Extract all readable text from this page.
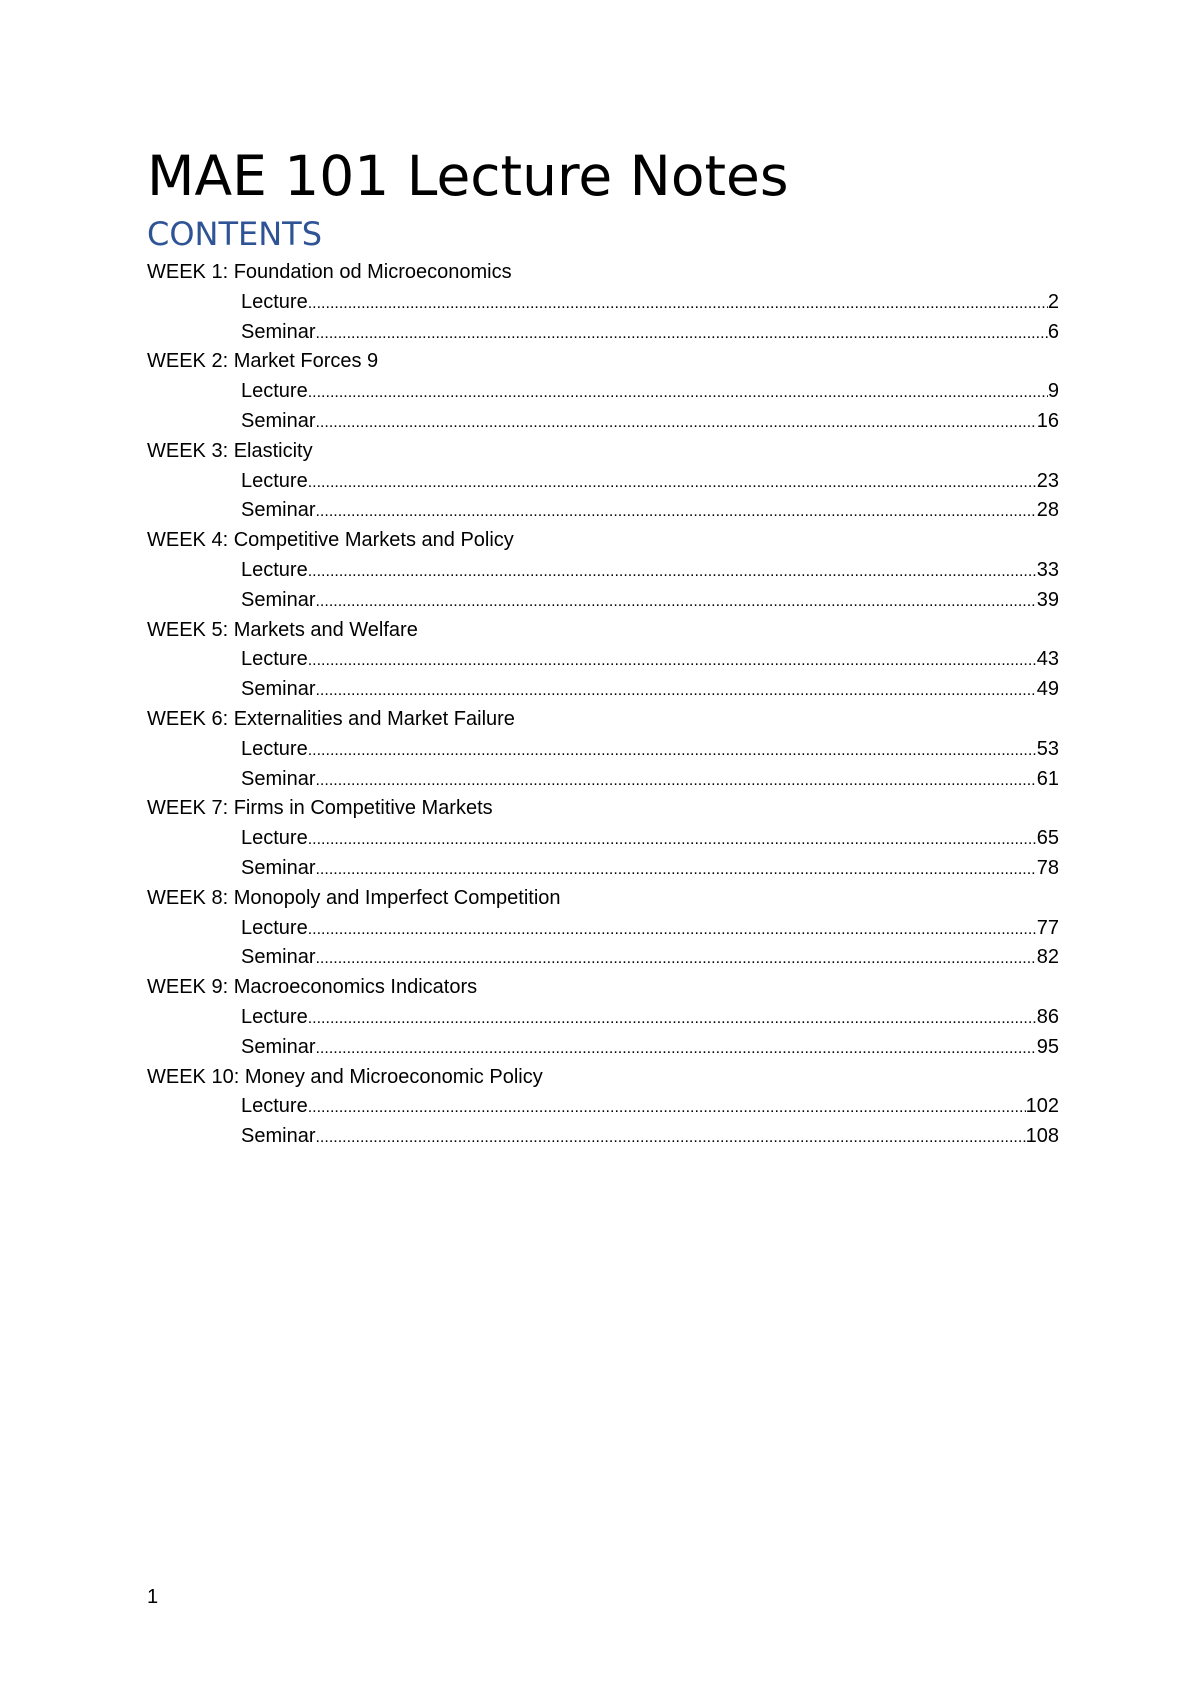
MAE 101 Lecture Notes
CONTENTS
WEEK 1: Foundation od Microeconomics
Lecture .....	2
Seminar .....	6
WEEK 2: Market Forces 9
Lecture .....	9
Seminar .....	16
WEEK 3: Elasticity
Lecture .....	23
Seminar .....	28
WEEK 4: Competitive Markets and Policy
Lecture .....	33
Seminar .....	39
WEEK 5: Markets and Welfare
Lecture .....	43
Seminar .....	49
WEEK 6: Externalities and Market Failure
Lecture .....	53
Seminar .....	61
WEEK 7: Firms in Competitive Markets
Lecture .....	65
Seminar .....	78
WEEK 8: Monopoly and Imperfect Competition
Lecture .....	77
Seminar .....	82
WEEK 9: Macroeconomics Indicators
Lecture .....	86
Seminar .....	95
WEEK 10: Money and Microeconomic Policy
Lecture .....	102
Seminar .....	108
1
